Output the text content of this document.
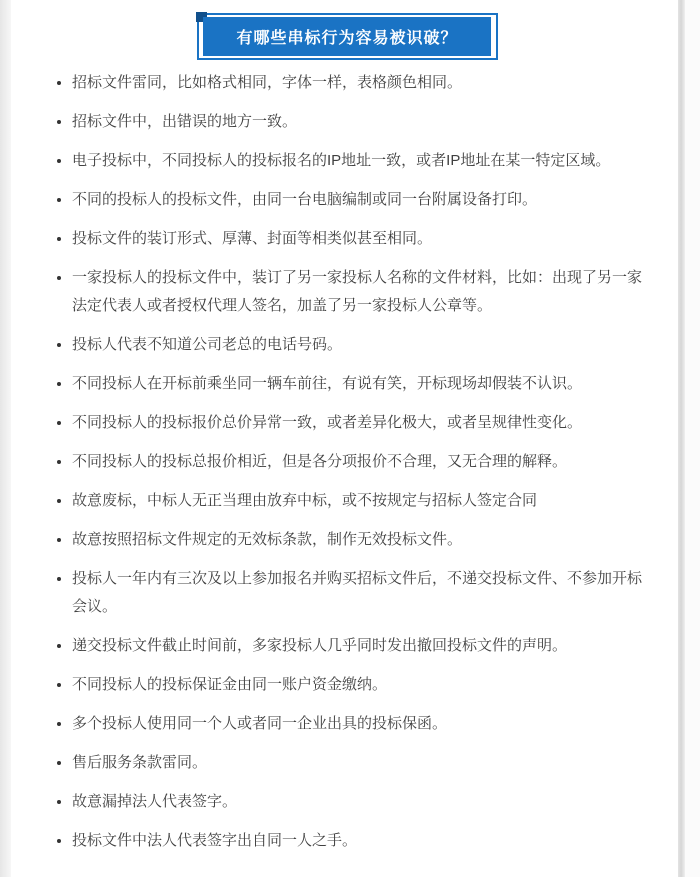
有哪些串标行为容易被识破？
• 招标文件雷同，比如格式相同，字体一样，表格颜色相同。
• 招标文件中，出错误的地方一致。
• 电子投标中，不同投标人的投标报名的IP地址一致，或者IP地址在某一特定区域。
• 不同的投标人的投标文件，由同一台电脑编制或同一台附属设备打印。
• 投标文件的装订形式、厚薄、封面等相类似甚至相同。
• 一家投标人的投标文件中，装订了另一家投标人名称的文件材料，比如：出现了另一家法定代表人或者授权代理人签名，加盖了另一家投标人公章等。
• 投标人代表不知道公司老总的电话号码。
• 不同投标人在开标前乘坐同一辆车前往，有说有笑，开标现场却假装不认识。
• 不同投标人的投标报价总价异常一致，或者差异化极大，或者呈规律性变化。
• 不同投标人的投标总报价相近，但是各分项报价不合理，又无合理的解释。
• 故意废标，中标人无正当理由放弃中标，或不按规定与招标人签定合同
• 故意按照招标文件规定的无效标条款，制作无效投标文件。
• 投标人一年内有三次及以上参加报名并购买招标文件后，不递交投标文件、不参加开标会议。
• 递交投标文件截止时间前，多家投标人几乎同时发出撤回投标文件的声明。
• 不同投标人的投标保证金由同一账户资金缴纳。
• 多个投标人使用同一个人或者同一企业出具的投标保函。
• 售后服务条款雷同。
• 故意漏掉法人代表签字。
• 投标文件中法人代表签字出自同一人之手。
